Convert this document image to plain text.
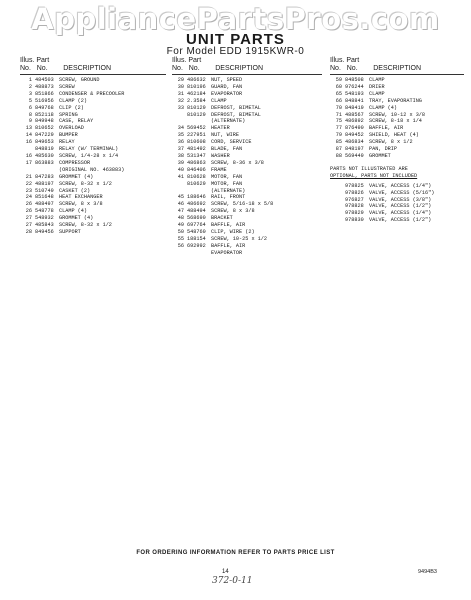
AppliancePartsPros.com
UNIT PARTS
For Model EDD 1915KWR-0
Illus. Part
No. No. DESCRIPTION
1 484503	SCREW, GROUND
2 488873	SCREW
3 851866	CONDENSER & PRECOOLER
5 516956	CLAMP (2)
6 849768	CLIP (2)
8 852118	SPRING
9 849948	CASE, RELAY
13 810652	OVERLOAD
14 847229	BUMPER
16 849653	RELAY
848819	RELAY (W/ TERMINAL)
16 485630	SCREW, 1/4-28 x 1/4
17 863883	COMPRESSOR
(ORIGINAL NO. 463883)
21 847283	GROMMET (4)
22 488197	SCREW, 8-32 x 1/2
23 510749	CASKET (2)
24 851648	HEAT EXCHANGER
26 488497	SCREW, 8 x 3/8
26 548778	CLAMP (4)
27 548932	GROMMET (4)
27 485843	SCREW, 8-32 x 1/2
28 849456	SUPPORT
Illus. Part
No. No. DESCRIPTION
29 486632	NUT, SPEED
30 810196	GUARD, FAN
31 462184	EVAPORATOR
32 2.3584	CLAMP
33 810129	DEFROST, BIMETAL
810129	DEFROST, BIMETAL
(ALTERNATE)
34 569452	HEATER
35 227951	NUT, WIRE
36 810608	CORD, SERVICE
37 481492	BLADE, FAN
38 531347	WASHER
39 486863	SCREW, 8-36 x 3/8
40 846406	FRAME
41 810628	MOTOR, FAN
810629	MOTOR, FAN
(ALTERNATE)
45 188646	RAIL, FRONT
46 486692	SCREW, 5/16-18 x 5/8
47 488494	SCREW, 8 x 3/8
48 568690	BRACKET
49 697764	BAFFLE, AIR
50 548760	CLIP, WIRE (2)
55 188154	SCREW, 10-25 x 1/2
56 692992	BAFFLE, AIR
EVAPORATOR
Illus. Part
No. No. DESCRIPTION
59 848508	CLAMP
60 976244	DRIER
65 548193	CLAMP
66 848841	TRAY, EVAPORATING
70 848419	CLAMP (4)
71 488567	SCREW, 10-12 x 3/8
75 486892	SCREW, 8-18 x 1/4
77 876490	BAFFLE, AIR
79 849452	SHIELD, HEAT (4)
85 486834	SCREW, 8 x 1/2
87 848197	PAN, DRIP
88 569449	GROMMET
PARTS NOT ILLUSTRATED ARE
OPTIONAL, PARTS NOT INCLUDED
978825	VALVE, ACCESS (1/4")
978826	VALVE, ACCESS (5/16")
976827	VALVE, ACCESS (3/8")
978828	VALVE, ACCESS (1/2")
978829	VALVE, ACCESS (1/4")
978830	VALVE, ACCESS (1/2")
FOR ORDERING INFORMATION REFER TO PARTS PRICE LIST
14	9494B3
372-0-11
